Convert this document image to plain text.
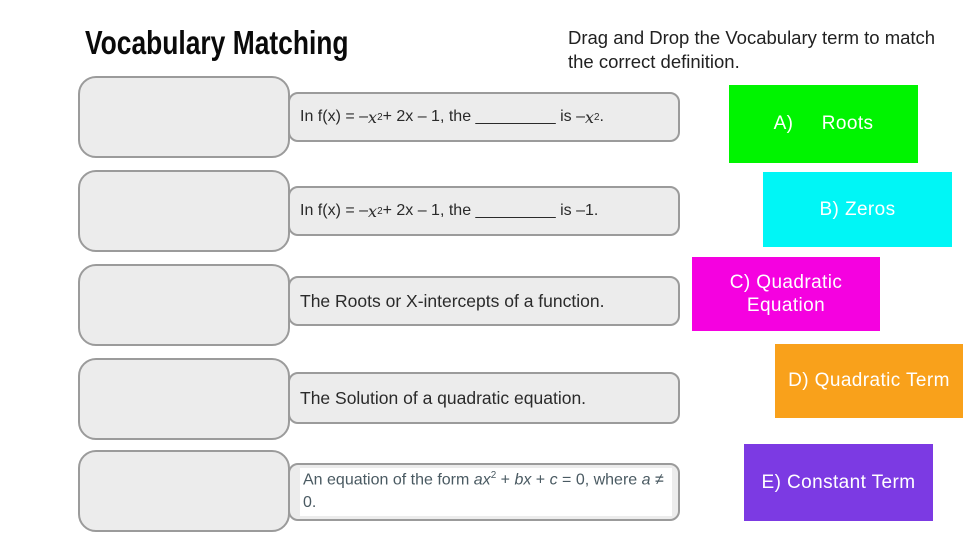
Vocabulary Matching	Drag and Drop the Vocabulary term to match the correct definition.
In f(x) = – x 2 + 2x – 1, the _________ is – x 2 .
In f(x) = – x 2 + 2x – 1, the _________ is –1.
The Roots or X-intercepts of a function.
The Solution of a quadratic equation.
An equation of the form $ax^2$ + bx + c = 0, where a ≠ 0.
A)     Roots
B) Zeros
C) Quadratic Equation
D) Quadratic Term
E) Constant Term
